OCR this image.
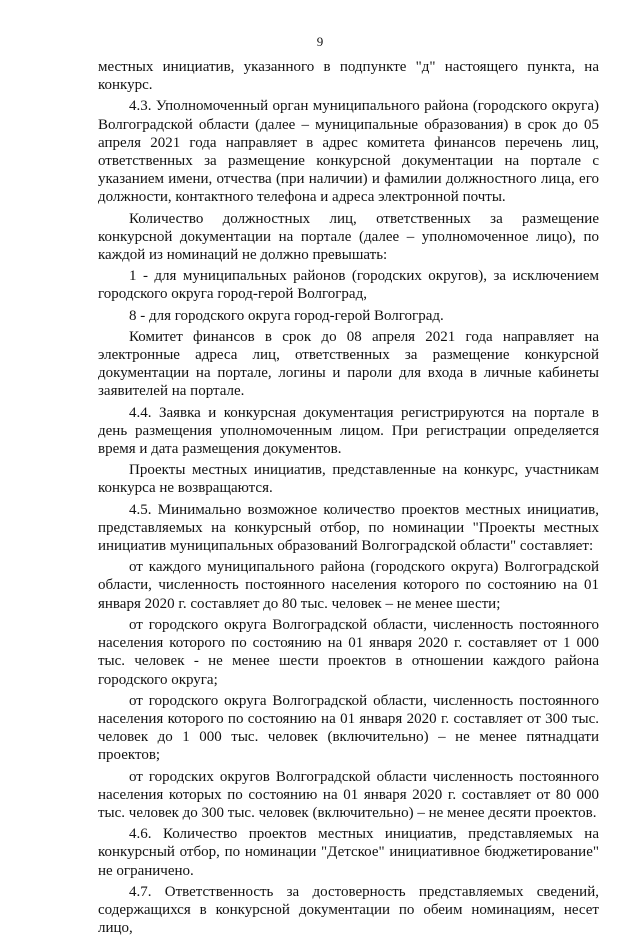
9

местных инициатив, указанного в подпункте "д" настоящего пункта, на конкурс.

4.3. Уполномоченный орган муниципального района (городского округа) Волгоградской области (далее – муниципальные образования) в срок до 05 апреля 2021 года направляет в адрес комитета финансов перечень лиц, ответственных за размещение конкурсной документации на портале с указанием имени, отчества (при наличии) и фамилии должностного лица, его должности, контактного телефона и адреса электронной почты.

Количество должностных лиц, ответственных за размещение конкурсной документации на портале (далее – уполномоченное лицо), по каждой из номинаций не должно превышать:

1 - для муниципальных районов (городских округов), за исключением городского округа город-герой Волгоград,

8 - для городского округа город-герой Волгоград.

Комитет финансов в срок до 08 апреля 2021 года направляет на электронные адреса лиц, ответственных за размещение конкурсной документации на портале, логины и пароли для входа в личные кабинеты заявителей на портале.

4.4. Заявка и конкурсная документация регистрируются на портале в день размещения уполномоченным лицом. При регистрации определяется время и дата размещения документов.

Проекты местных инициатив, представленные на конкурс, участникам конкурса не возвращаются.

4.5. Минимально возможное количество проектов местных инициатив, представляемых на конкурсный отбор, по номинации "Проекты местных инициатив муниципальных образований Волгоградской области" составляет:

от каждого муниципального района (городского округа) Волгоградской области, численность постоянного населения которого по состоянию на 01 января 2020 г. составляет до 80 тыс. человек – не менее шести;

от городского округа Волгоградской области, численность постоянного населения которого по состоянию на 01 января 2020 г. составляет от 1 000 тыс. человек - не менее шести проектов в отношении каждого района городского округа;

от городского округа Волгоградской области, численность постоянного населения которого по состоянию на 01 января 2020 г. составляет от 300 тыс. человек до 1 000 тыс. человек (включительно) – не менее пятнадцати проектов;

от городских округов Волгоградской области численность постоянного населения которых по состоянию на 01 января 2020 г. составляет от 80 000 тыс. человек до 300 тыс. человек (включительно) – не менее десяти проектов.

4.6. Количество проектов местных инициатив, представляемых на конкурсный отбор, по номинации "Детское" инициативное бюджетирование" не ограничено.

4.7. Ответственность за достоверность представляемых сведений, содержащихся в конкурсной документации по обеим номинациям, несет лицо,
